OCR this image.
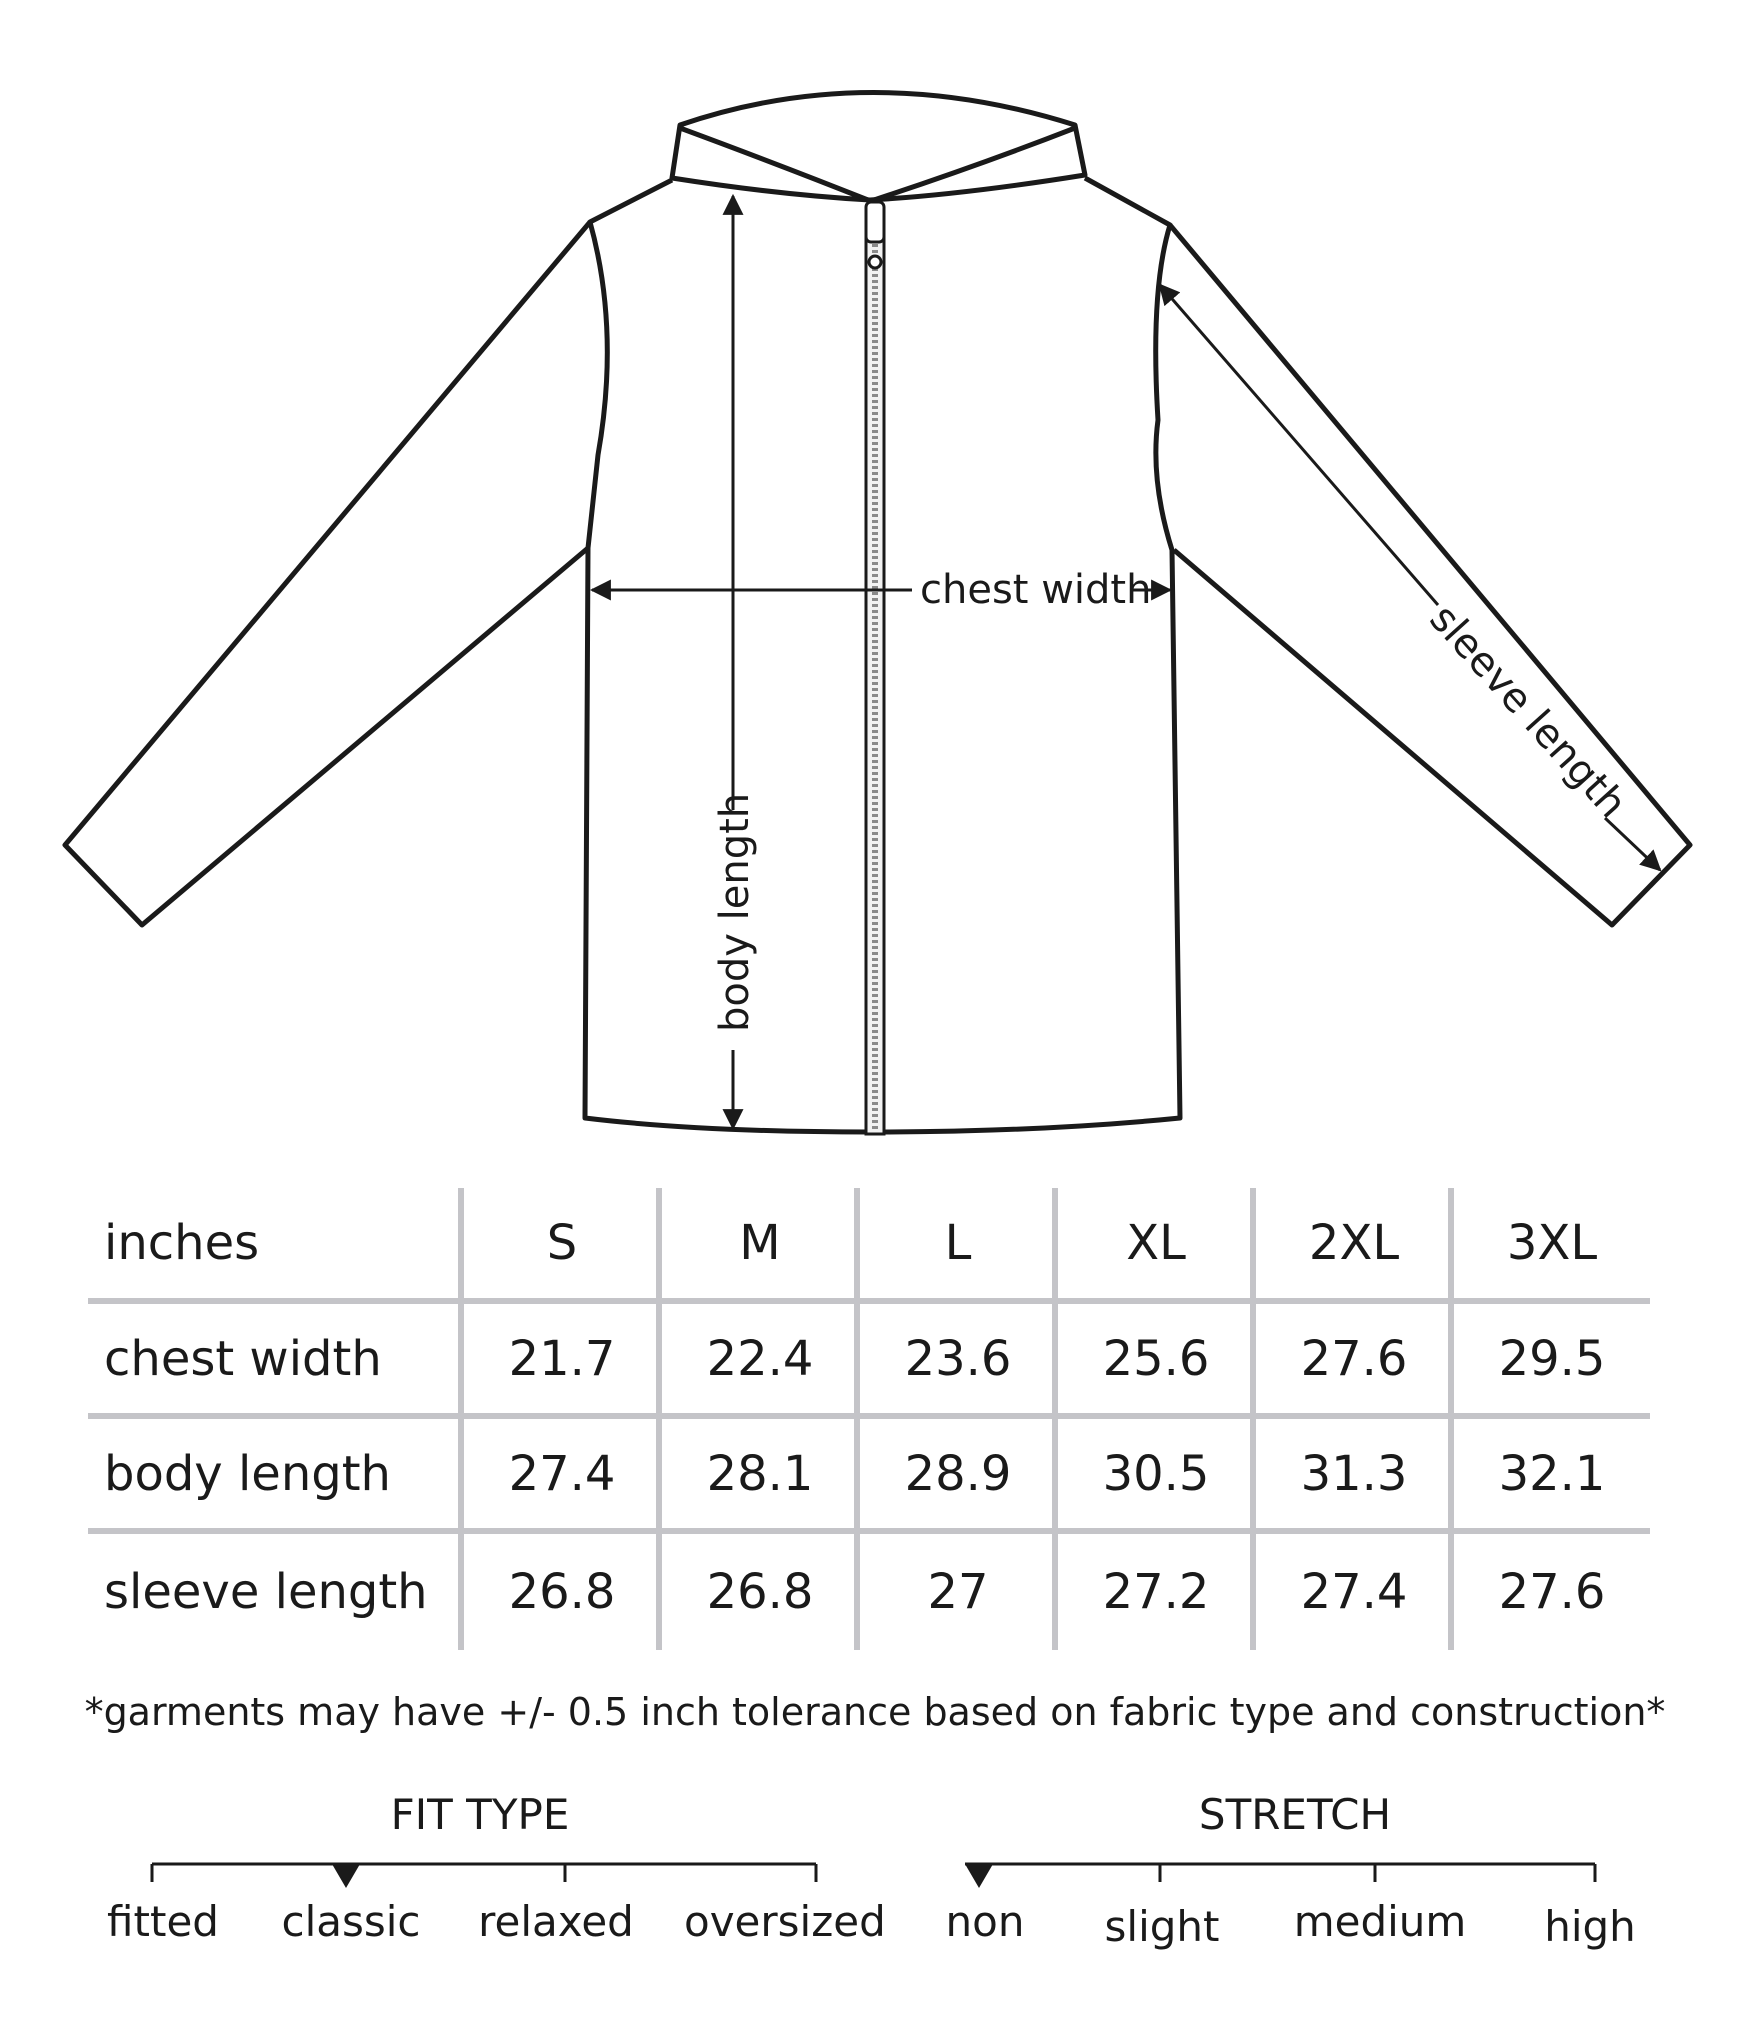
chest width
body length
sleeve length
inches	S	M	L	XL	2XL	3XL
chest width	21.7	22.4	23.6	25.6	27.6	29.5
body length	27.4	28.1	28.9	30.5	31.3	32.1
sleeve length	26.8	26.8	27	27.2	27.4	27.6
*garments may have +/- 0.5 inch tolerance based on fabric type and construction*
FIT TYPE
fitted	classic	relaxed	oversized
STRETCH
non	slight	medium	high
